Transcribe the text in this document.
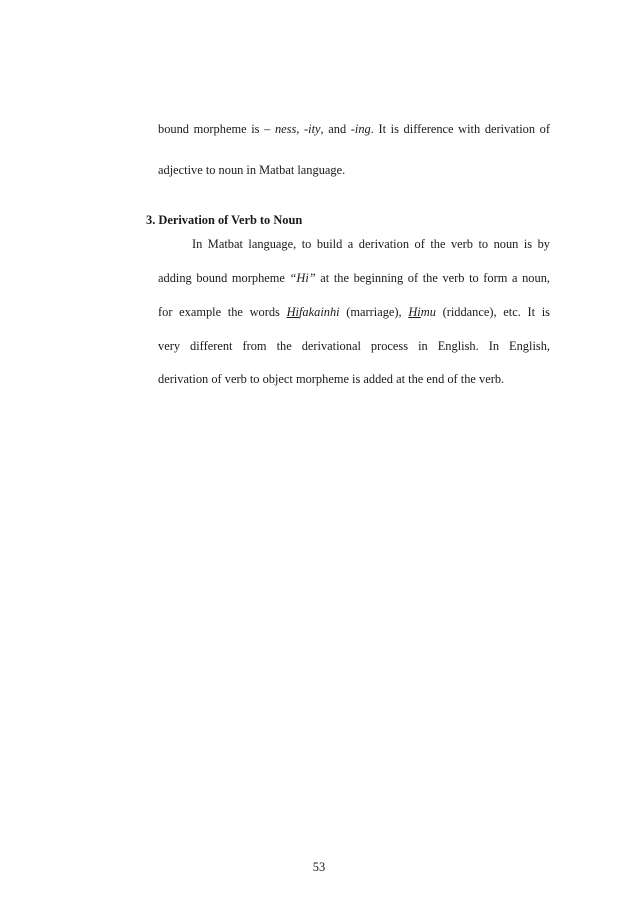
bound morpheme is – ness, -ity, and -ing. It is difference with derivation of
adjective to noun in Matbat language.
3. Derivation of Verb to Noun
In Matbat language, to build a derivation of the verb to noun is by
adding bound morpheme “Hi” at the beginning of the verb to form a noun,
for example the words Hifakainhi (marriage), Himu (riddance), etc. It is
very different from the derivational process in English. In English,
derivation of verb to object morpheme is added at the end of the verb.
53
